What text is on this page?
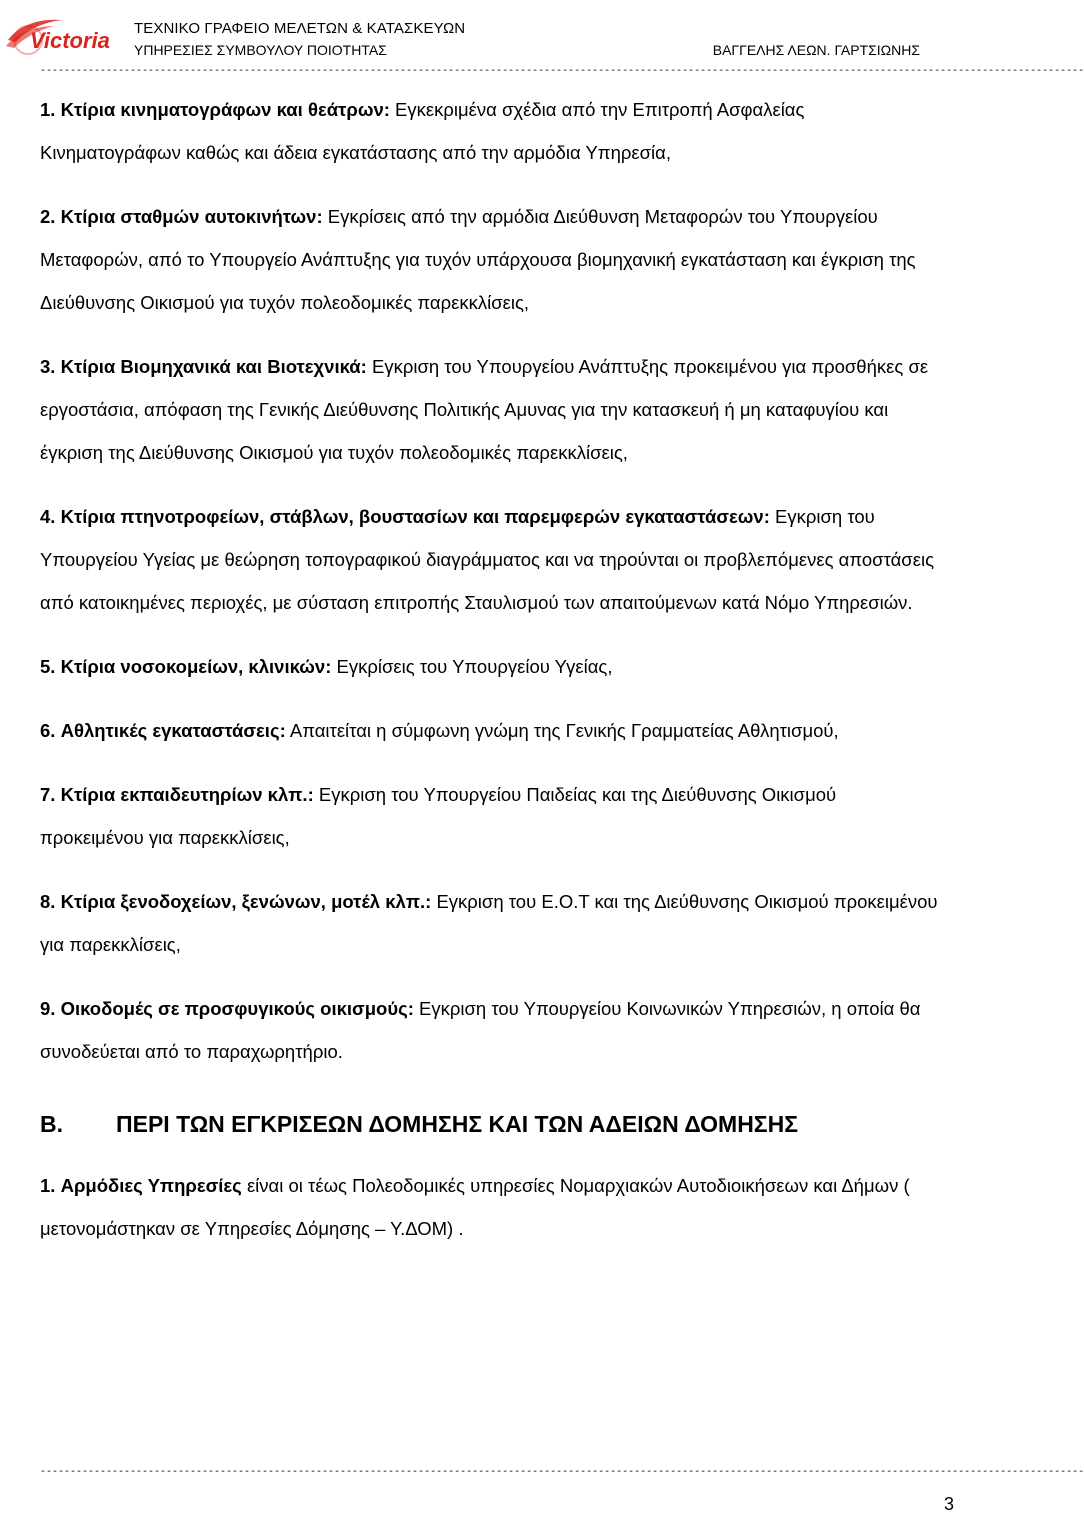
Victoria ΤΕΧΝΙΚΟ ΓΡΑΦΕΙΟ ΜΕΛΕΤΩΝ & ΚΑΤΑΣΚΕΥΩΝ
ΥΠΗΡΕΣΙΕΣ ΣΥΜΒΟΥΛΟΥ ΠΟΙΟΤΗΤΑΣ	ΒΑΓΓΕΛΗΣ ΛΕΩΝ. ΓΑΡΤΣΙΩΝΗΣ
------------------------------------------------------------------------------------------------------------------------------------------------------------------------------

1. Κτίρια κινηματογράφων και θεάτρων: Εγκεκριμένα σχέδια από την Επιτροπή Ασφαλείας Κινηματογράφων καθώς και άδεια εγκατάστασης από την αρμόδια Υπηρεσία,

2. Κτίρια σταθμών αυτοκινήτων: Εγκρίσεις από την αρμόδια Διεύθυνση Μεταφορών του Υπουργείου Μεταφορών, από το Υπουργείο Ανάπτυξης για τυχόν υπάρχουσα βιομηχανική εγκατάσταση και έγκριση της Διεύθυνσης Οικισμού για τυχόν πολεοδομικές παρεκκλίσεις,

3. Κτίρια Βιομηχανικά και Βιοτεχνικά: Εγκριση του Υπουργείου Ανάπτυξης προκειμένου για προσθήκες σε εργοστάσια, απόφαση της Γενικής Διεύθυνσης Πολιτικής Αμυνας για την κατασκευή ή μη καταφυγίου και έγκριση της Διεύθυνσης Οικισμού για τυχόν πολεοδομικές παρεκκλίσεις,

4. Κτίρια πτηνοτροφείων, στάβλων, βουστασίων και παρεμφερών εγκαταστάσεων: Εγκριση του Υπουργείου Υγείας με θεώρηση τοπογραφικού διαγράμματος και να τηρούνται οι προβλεπόμενες αποστάσεις από κατοικημένες περιοχές, με σύσταση επιτροπής Σταυλισμού των απαιτούμενων κατά Νόμο Υπηρεσιών.

5. Κτίρια νοσοκομείων, κλινικών: Εγκρίσεις του Υπουργείου Υγείας,

6. Αθλητικές εγκαταστάσεις: Απαιτείται η σύμφωνη γνώμη της Γενικής Γραμματείας Αθλητισμού,

7. Κτίρια εκπαιδευτηρίων κλπ.: Εγκριση του Υπουργείου Παιδείας και της Διεύθυνσης Οικισμού προκειμένου για παρεκκλίσεις,

8. Κτίρια ξενοδοχείων, ξενώνων, μοτέλ κλπ.: Εγκριση του Ε.Ο.Τ και της Διεύθυνσης Οικισμού προκειμένου για παρεκκλίσεις,

9. Οικοδομές σε προσφυγικούς οικισμούς: Εγκριση του Υπουργείου Κοινωνικών Υπηρεσιών, η οποία θα συνοδεύεται από το παραχωρητήριο.

Β. ΠΕΡΙ ΤΩΝ ΕΓΚΡΙΣΕΩΝ ΔΟΜΗΣΗΣ ΚΑΙ ΤΩΝ ΑΔΕΙΩΝ ΔΟΜΗΣΗΣ

1. Αρμόδιες Υπηρεσίες είναι οι τέως Πολεοδομικές υπηρεσίες Νομαρχιακών Αυτοδιοικήσεων και Δήμων ( μετονομάστηκαν σε Υπηρεσίες Δόμησης – Υ.ΔΟΜ) .

------------------------------------------------------------------------------------------------------------------------------------------------------------------------------
3
